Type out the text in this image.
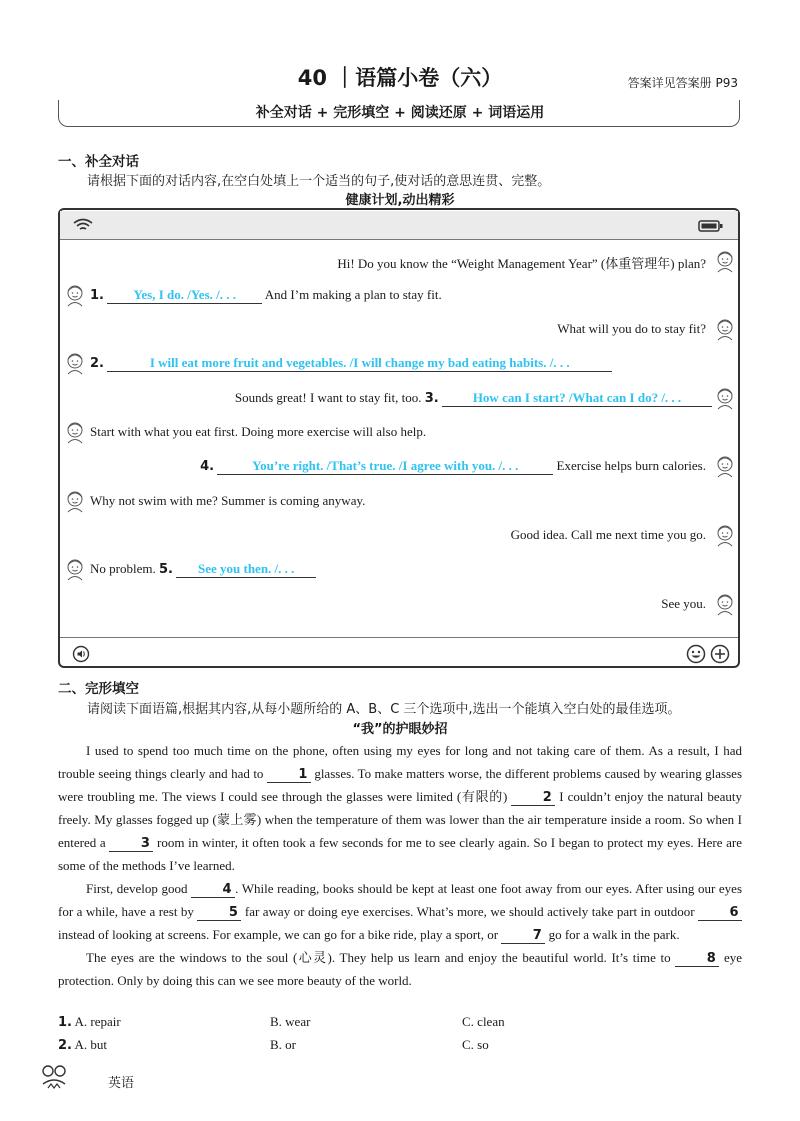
40 ｜语篇小卷（六）	答案详见答案册 P93
补全对话 + 完形填空 + 阅读还原 + 词语运用
一、补全对话
请根据下面的对话内容,在空白处填上一个适当的句子,使对话的意思连贯、完整。
健康计划,动出精彩
Hi! Do you know the “Weight Management Year” (体重管理年) plan?
1. Yes, I do. /Yes. /. . . And I’m making a plan to stay fit.
What will you do to stay fit?
2.	I will eat more fruit and vegetables. /I will change my bad eating habits. /. . .
Sounds great! I want to stay fit, too. 3.	How can I start? /What can I do? /. . .
Start with what you eat first. Doing more exercise will also help.
4.	You’re right. /That’s true. /I agree with you. /. . .	Exercise helps burn calories.
Why not swim with me? Summer is coming anyway.
Good idea. Call me next time you go.
No problem. 5. See you then. /. . .
See you.
二、完形填空
请阅读下面语篇,根据其内容,从每小题所给的 A、B、C 三个选项中,选出一个能填入空白处的最佳选项。
“我”的护眼妙招

I used to spend too much time on the phone, often using my eyes for long and not taking care of them. As a result, I had trouble seeing things clearly and had to	1 glasses. To make matters worse, the different problems caused by wearing glasses were troubling me. The views I could see through the glasses were limited (有限的)	2 I couldn’t enjoy the natural beauty freely. My glasses fogged up (蒙上雾) when the temperature of them was lower than the air temperature inside a room. So when I entered a	3 room in winter, it often took a few seconds for me to see clearly again. So I began to protect my eyes. Here are some of the methods I’ve learned.

First, develop good	4 . While reading, books should be kept at least one foot away from our eyes. After using our eyes for a while, have a rest by	5 far away or doing eye exercises. What’s more, we should actively take part in outdoor	6 instead of looking at screens. For example, we can go for a bike ride, play a sport, or	7 go for a walk in the park.

The eyes are the windows to the soul (心灵). They help us learn and enjoy the beautiful world. It’s time to	8 eye protection. Only by doing this can we see more beauty of the world.

1. A. repair	B. wear	C. clean
2. A. but	B. or	C. so
英语
